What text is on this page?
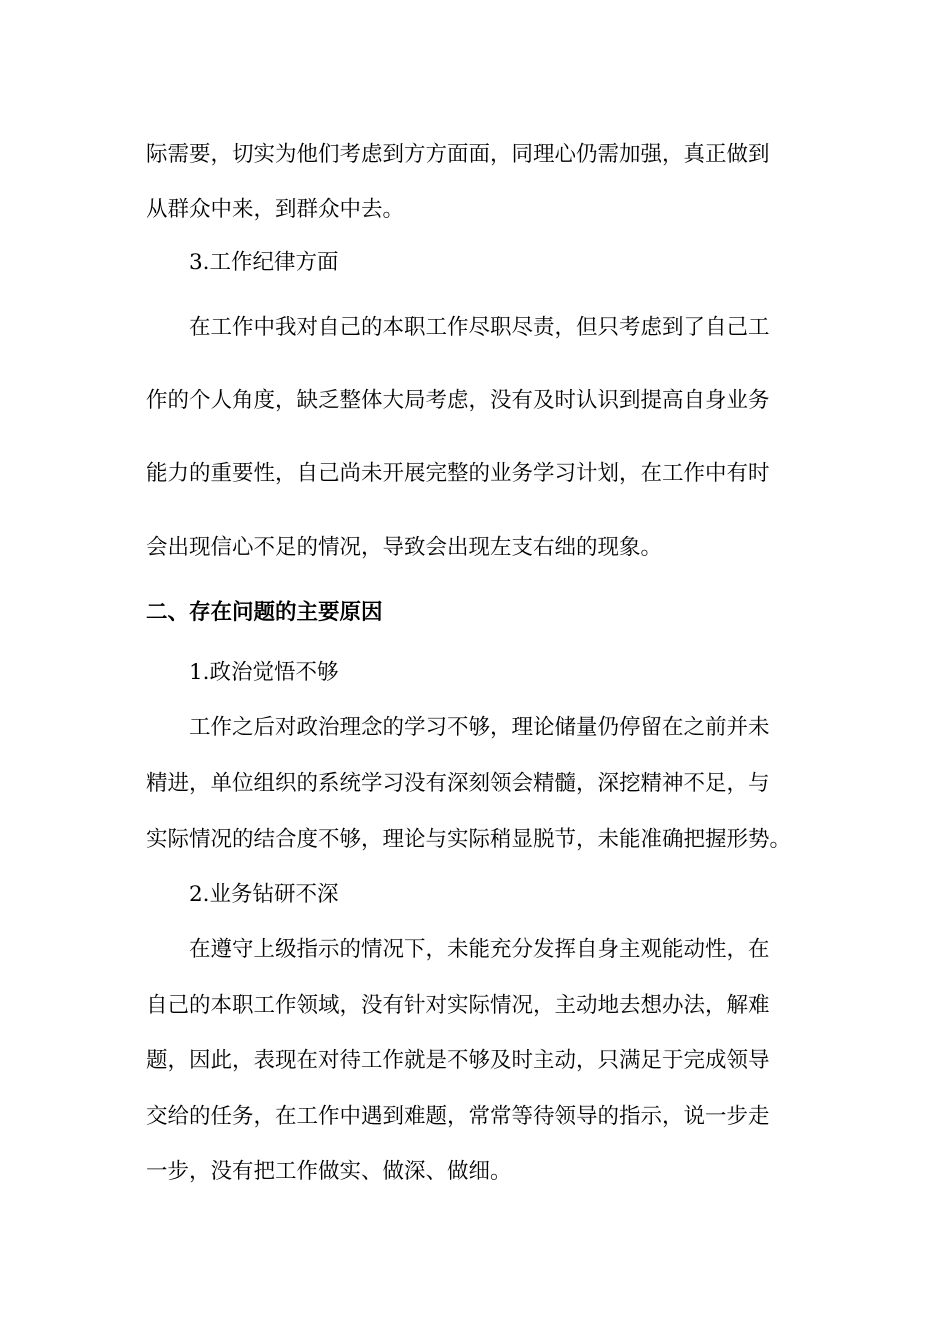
际需要，切实为他们考虑到方方面面，同理心仍需加强，真正做到
从群众中来，到群众中去。
3.工作纪律方面
在工作中我对自己的本职工作尽职尽责，但只考虑到了自己工
作的个人角度，缺乏整体大局考虑，没有及时认识到提高自身业务
能力的重要性，自己尚未开展完整的业务学习计划，在工作中有时
会出现信心不足的情况，导致会出现左支右绌的现象。
二、存在问题的主要原因
1.政治觉悟不够
工作之后对政治理念的学习不够，理论储量仍停留在之前并未
精进，单位组织的系统学习没有深刻领会精髓，深挖精神不足，与
实际情况的结合度不够，理论与实际稍显脱节，未能准确把握形势。
2.业务钻研不深
在遵守上级指示的情况下，未能充分发挥自身主观能动性，在
自己的本职工作领域，没有针对实际情况，主动地去想办法，解难
题，因此，表现在对待工作就是不够及时主动，只满足于完成领导
交给的任务，在工作中遇到难题，常常等待领导的指示，说一步走
一步，没有把工作做实、做深、做细。
